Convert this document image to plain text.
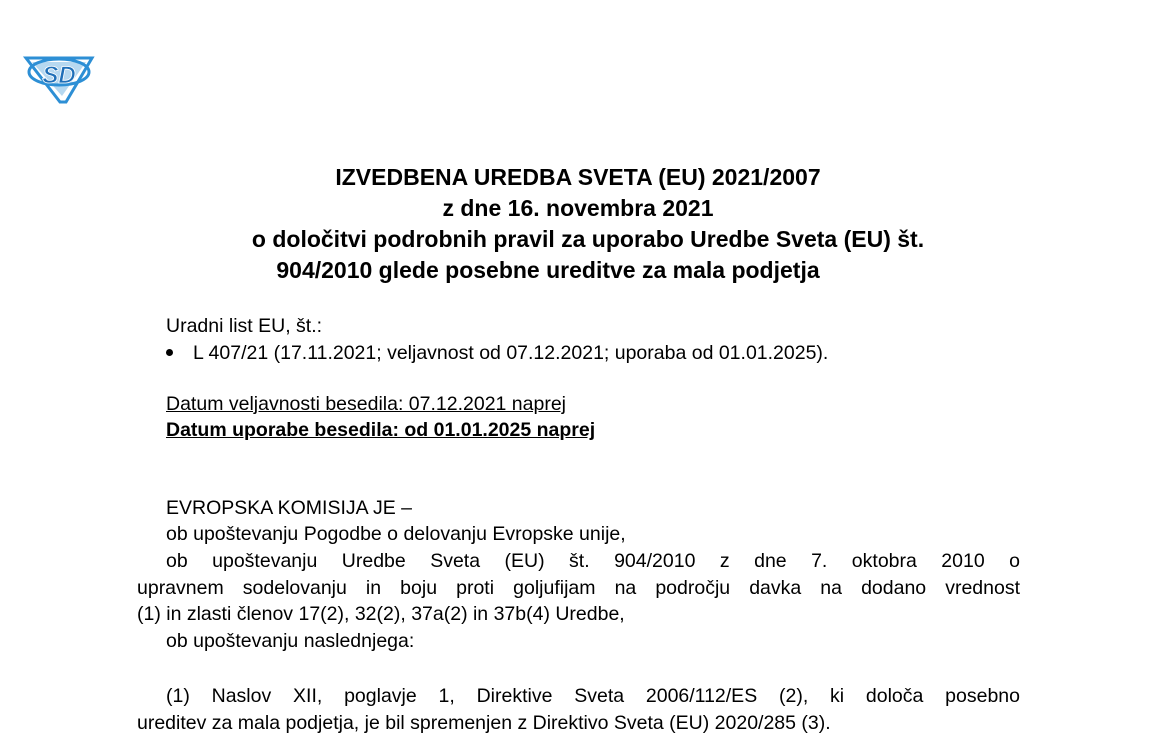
SD
IZVEDBENA UREDBA SVETA (EU) 2021/2007
z dne 16. novembra 2021
o določitvi podrobnih pravil za uporabo Uredbe Sveta (EU) št.
904/2010 glede posebne ureditve za mala podjetja
Uradni list EU, št.:
L 407/21 (17.11.2021; veljavnost od 07.12.2021; uporaba od 01.01.2025).
Datum veljavnosti besedila: 07.12.2021 naprej
Datum uporabe besedila: od 01.01.2025 naprej
EVROPSKA KOMISIJA JE –
ob upoštevanju Pogodbe o delovanju Evropske unije,
ob upoštevanju Uredbe Sveta (EU) št. 904/2010 z dne 7. oktobra 2010 o
upravnem sodelovanju in boju proti goljufijam na področju davka na dodano vrednost
(1) in zlasti členov 17(2), 32(2), 37a(2) in 37b(4) Uredbe,
ob upoštevanju naslednjega:
(1) Naslov XII, poglavje 1, Direktive Sveta 2006/112/ES (2), ki določa posebno
ureditev za mala podjetja, je bil spremenjen z Direktivo Sveta (EU) 2020/285 (3).
